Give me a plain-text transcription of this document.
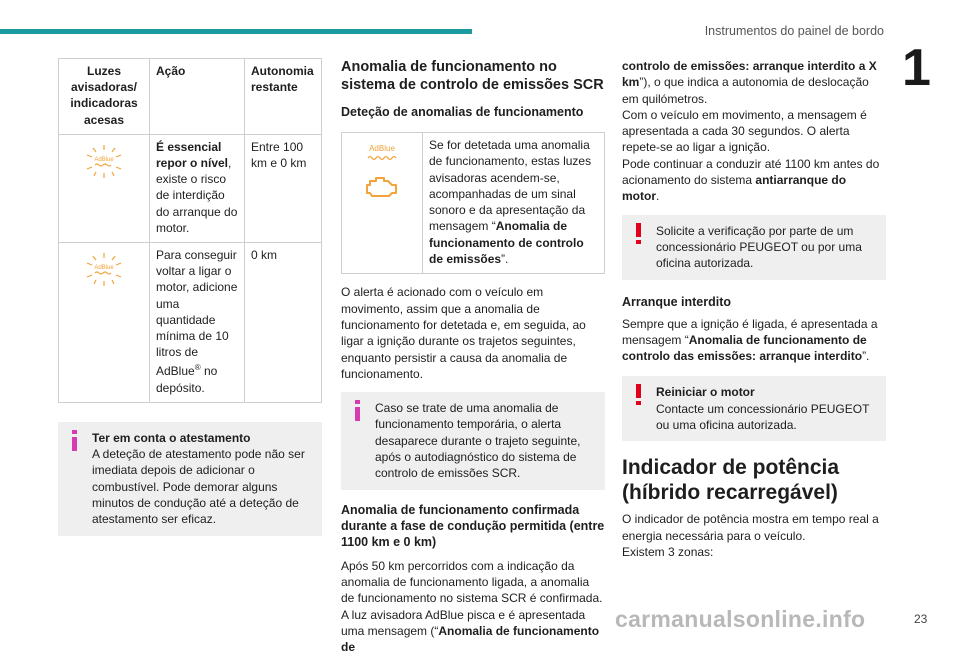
Instrumentos do painel de bordo
1
Luzes avisadoras/ indicadoras acesas	Ação	Autonomia restante

AdBlue	É essencial repor o nível, existe o risco de interdição do arranque do motor.	Entre 100 km e 0 km

AdBlue	Para conseguir voltar a ligar o motor, adicione uma quantidade mínima de 10 litros de AdBlue® no depósito.	0 km
Ter em conta o atestamento
A deteção de atestamento pode não ser imediata depois de adicionar o combustível. Pode demorar alguns minutos de condução até a deteção de atestamento ser eficaz.
Anomalia de funcionamento no sistema de controlo de emissões SCR
Deteção de anomalias de funcionamento
AdBlue	Se for detetada uma anomalia de funcionamento, estas luzes avisadoras acendem-se, acompanhadas de um sinal sonoro e da apresentação da mensagem “Anomalia de funcionamento de controlo de emissões”.

O alerta é acionado com o veículo em movimento, assim que a anomalia de funcionamento for detetada e, em seguida, ao ligar a ignição durante os trajetos seguintes, enquanto persistir a causa da anomalia de funcionamento.

Caso se trate de uma anomalia de funcionamento temporária, o alerta desaparece durante o trajeto seguinte, após o autodiagnóstico do sistema de controlo de emissões SCR.
Anomalia de funcionamento confirmada durante a fase de condução permitida (entre 1100 km e 0 km)

Após 50 km percorridos com a indicação da anomalia de funcionamento ligada, a anomalia de funcionamento no sistema SCR é confirmada. A luz avisadora AdBlue pisca e é apresentada uma mensagem (“Anomalia de funcionamento de

controlo de emissões: arranque interdito a X km”), o que indica a autonomia de deslocação em quilómetros.
Com o veículo em movimento, a mensagem é apresentada a cada 30 segundos. O alerta repete-se ao ligar a ignição.
Pode continuar a conduzir até 1100 km antes do acionamento do sistema antiarranque do motor.

Solicite a verificação por parte de um concessionário PEUGEOT ou por uma oficina autorizada.
Arranque interdito

Sempre que a ignição é ligada, é apresentada a mensagem “Anomalia de funcionamento de controlo das emissões: arranque interdito”.

Reiniciar o motor
Contacte um concessionário PEUGEOT ou uma oficina autorizada.
Indicador de potência (híbrido recarregável)

O indicador de potência mostra em tempo real a energia necessária para o veículo.
Existem 3 zonas:

carmanualsonline.info	23
